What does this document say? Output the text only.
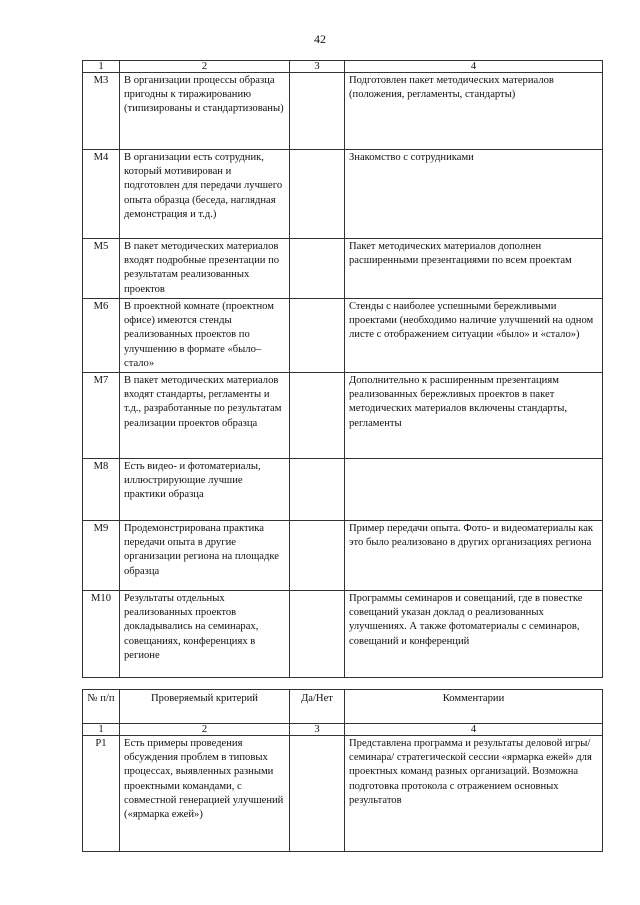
42
1	2	3	4
М3	В организации процессы образца пригодны к тиражированию (типизированы и стандартизованы)		Подготовлен пакет методических материалов (положения, регламенты, стандарты)
М4	В организации есть сотрудник, который мотивирован и подготовлен для передачи лучшего опыта образца (беседа, наглядная демонстрация и т.д.)		Знакомство с сотрудниками
М5	В пакет методических материалов входят подробные презентации по результатам реализованных проектов		Пакет методических материалов дополнен расширенными презентациями по всем проектам
М6	В проектной комнате (проектном офисе) имеются стенды реализованных проектов по улучшению в формате «было–стало»		Стенды с наиболее успешными бережливыми проектами (необходимо наличие улучшений на одном листе с отображением ситуации «было» и «стало»)
М7	В пакет методических материалов входят стандарты, регламенты и т.д., разработанные по результатам реализации проектов образца		Дополнительно к расширенным презентациям реализованных бережливых проектов в пакет методических материалов включены стандарты, регламенты
М8	Есть видео- и фотоматериалы, иллюстрирующие лучшие практики образца		
М9	Продемонстрирована практика передачи опыта в другие организации региона на площадке образца		Пример передачи опыта. Фото- и видеоматериалы как это было реализовано в других организациях региона
М10	Результаты отдельных реализованных проектов докладывались на семинарах, совещаниях, конференциях в регионе		Программы семинаров и совещаний, где в повестке совещаний указан доклад о реализованных улучшениях. А также фотоматериалы с семинаров, совещаний и конференций
№ п/п	Проверяемый критерий	Да/Нет	Комментарии
1	2	3	4
Р1	Есть примеры проведения обсуждения проблем в типовых процессах, выявленных разными проектными командами, с совместной генерацией улучшений («ярмарка ежей»)		Представлена программа и результаты деловой игры/семинара/ стратегической сессии «ярмарка ежей» для проектных команд разных организаций. Возможна подготовка протокола с отражением основных результатов
